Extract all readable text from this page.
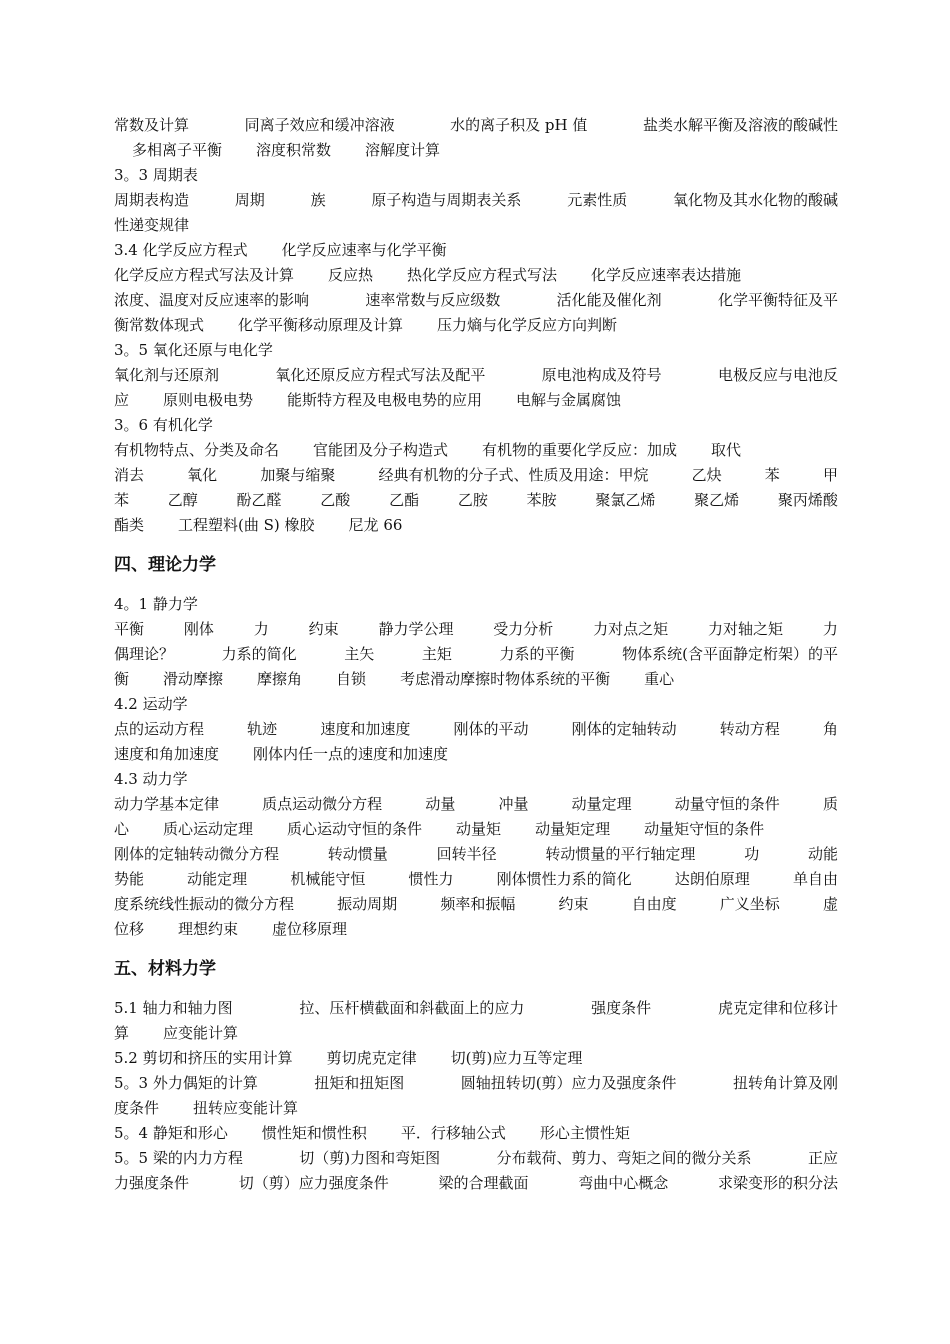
常数及计算	同离子效应和缓冲溶液	水的离子积及 pH 值	盐类水解平衡及溶液的酸碱性
多相离子平衡 溶度积常数 溶解度计算
3。3 周期表
周期表构造	周期	族	原子构造与周期表关系	元素性质	氧化物及其水化物的酸碱
性递变规律
3.4 化学反应方程式 化学反应速率与化学平衡
化学反应方程式写法及计算 反应热 热化学反应方程式写法 化学反应速率表达措施
浓度、温度对反应速率的影响	速率常数与反应级数	活化能及催化剂	化学平衡特征及平
衡常数体现式 化学平衡移动原理及计算 压力熵与化学反应方向判断
3。5 氧化还原与电化学
氧化剂与还原剂	氧化还原反应方程式写法及配平	原电池构成及符号	电极反应与电池反
应 原则电极电势 能斯特方程及电极电势的应用 电解与金属腐蚀
3。6 有机化学
有机物特点、分类及命名 官能团及分子构造式 有机物的重要化学反应：加成 取代
消去	氧化	加聚与缩聚	经典有机物的分子式、性质及用途：甲烷	乙炔	苯	甲
苯	乙醇	酚乙醛	乙酸	乙酯	乙胺	苯胺	聚氯乙烯	聚乙烯	聚丙烯酸
酯类 工程塑料(曲 S) 橡胶 尼龙 66
四、理论力学
4。1 静力学
平衡	刚体	力	约束	静力学公理	受力分析	力对点之矩	力对轴之矩	力
偶理论？	力系的简化	主矢	主矩	力系的平衡	物体系统(含平面静定桁架）的平
衡 滑动摩擦 摩擦角 自锁 考虑滑动摩擦时物体系统的平衡 重心
4.2 运动学
点的运动方程	轨迹	速度和加速度	刚体的平动	刚体的定轴转动	转动方程	角
速度和角加速度 刚体内任一点的速度和加速度
4.3 动力学
动力学基本定律	质点运动微分方程	动量	冲量	动量定理	动量守恒的条件	质
心 质心运动定理 质心运动守恒的条件 动量矩 动量矩定理 动量矩守恒的条件
刚体的定轴转动微分方程	转动惯量	回转半径	转动惯量的平行轴定理	功	动能
势能	动能定理	机械能守恒	惯性力	刚体惯性力系的简化	达朗伯原理	单自由
度系统线性振动的微分方程	振动周期	频率和振幅	约束	自由度	广义坐标	虚
位移 理想约束 虚位移原理
五、材料力学
5.1 轴力和轴力图	拉、压杆横截面和斜截面上的应力	强度条件	虎克定律和位移计
算 应变能计算
5.2 剪切和挤压的实用计算 剪切虎克定律 切(剪)应力互等定理
5。3 外力偶矩的计算	扭矩和扭矩图	圆轴扭转切(剪）应力及强度条件	扭转角计算及刚
度条件 扭转应变能计算
5。4 静矩和形心 惯性矩和惯性积 平．行移轴公式 形心主惯性矩
5。5 梁的内力方程	切（剪)力图和弯矩图	分布载荷、剪力、弯矩之间的微分关系	正应
力强度条件	切（剪）应力强度条件	梁的合理截面	弯曲中心概念	求梁变形的积分法
